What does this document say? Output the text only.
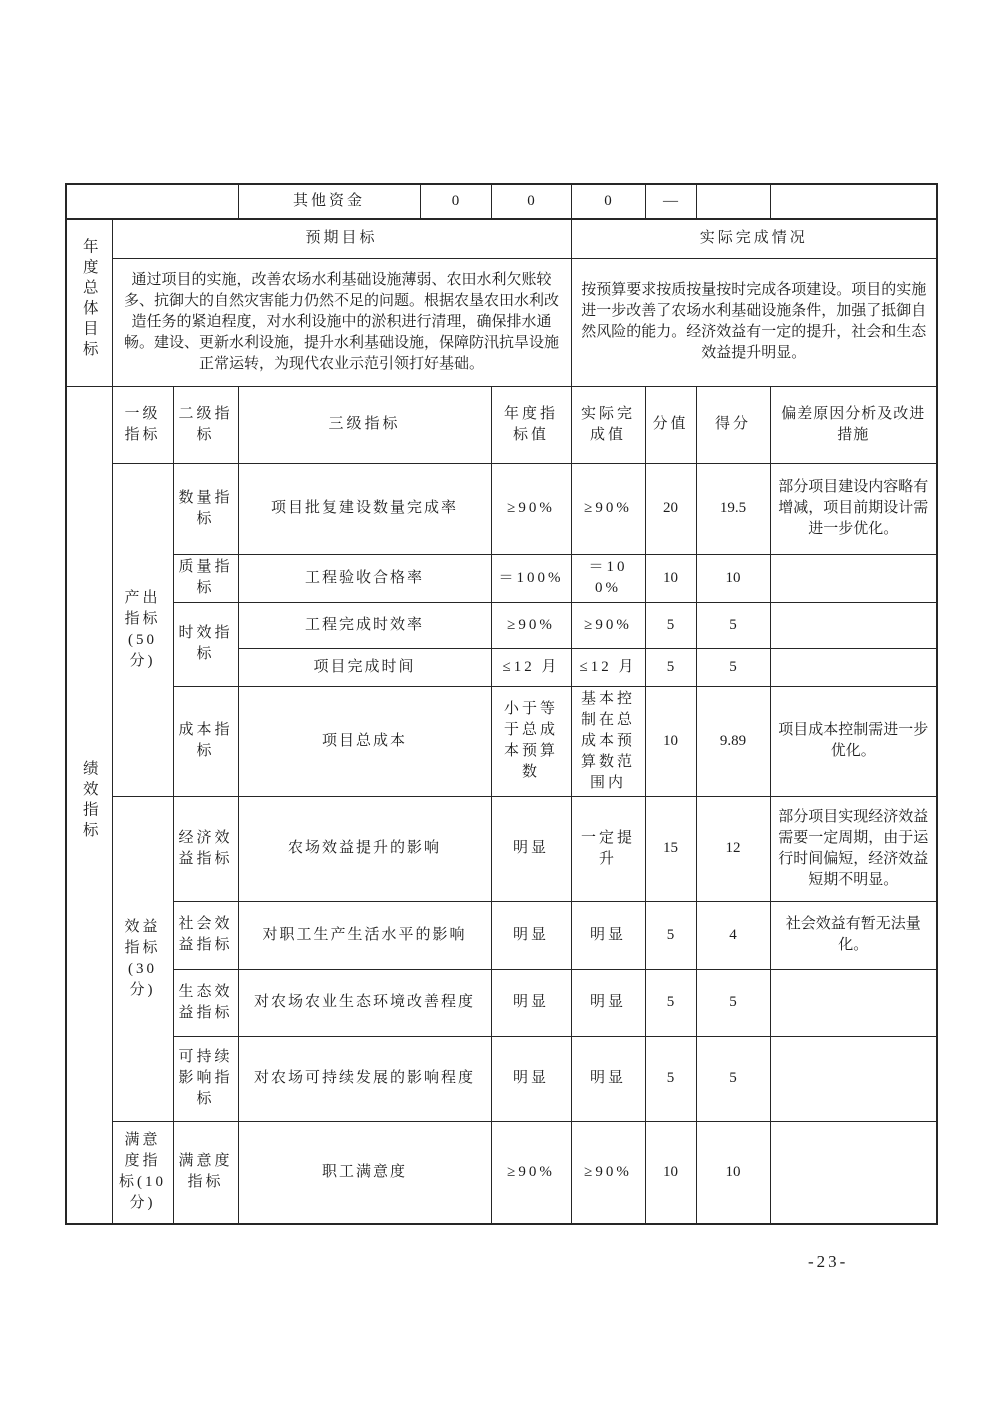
			其他资金	0	0	0	—		
年度总体目标	预期目标					实际完成情况			
	通过项目的实施，改善农场水利基础设施薄弱、农田水利欠账较多、抗御大的自然灾害能力仍然不足的问题。根据农垦农田水利改造任务的紧迫程度，对水利设施中的淤积进行清理，确保排水通畅。建设、更新水利设施，提升水利基础设施，保障防汛抗旱设施正常运转，为现代农业示范引领打好基础。					按预算要求按质按量按时完成各项建设。项目的实施进一步改善了农场水利基础设施条件，加强了抵御自然风险的能力。经济效益有一定的提升，社会和生态效益提升明显。			
绩效指标	一级指标	二级指标	三级指标		年度指标值	实际完成值	分值	得分	偏差原因分析及改进措施
	产出指标(50分)	数量指标	项目批复建设数量完成率		≥90%	≥90%	20	19.5	部分项目建设内容略有增减，项目前期设计需进一步优化。
		质量指标	工程验收合格率		＝100%	＝100%	10	10	
		时效指标	工程完成时效率		≥90%	≥90%	5	5	
			项目完成时间		≤12 月	≤12 月	5	5	
		成本指标	项目总成本		小于等于总成本预算数	基本控制在总成本预算数范围内	10	9.89	项目成本控制需进一步优化。
	效益指标(30分)	经济效益指标	农场效益提升的影响		明显	一定提升	15	12	部分项目实现经济效益需要一定周期，由于运行时间偏短，经济效益短期不明显。
		社会效益指标	对职工生产生活水平的影响		明显	明显	5	4	社会效益有暂无法量化。
		生态效益指标	对农场农业生态环境改善程度		明显	明显	5	5	
		可持续影响指标	对农场可持续发展的影响程度		明显	明显	5	5	
	满意度指标(10分)	满意度指标	职工满意度		≥90%	≥90%	10	10	
-23-
